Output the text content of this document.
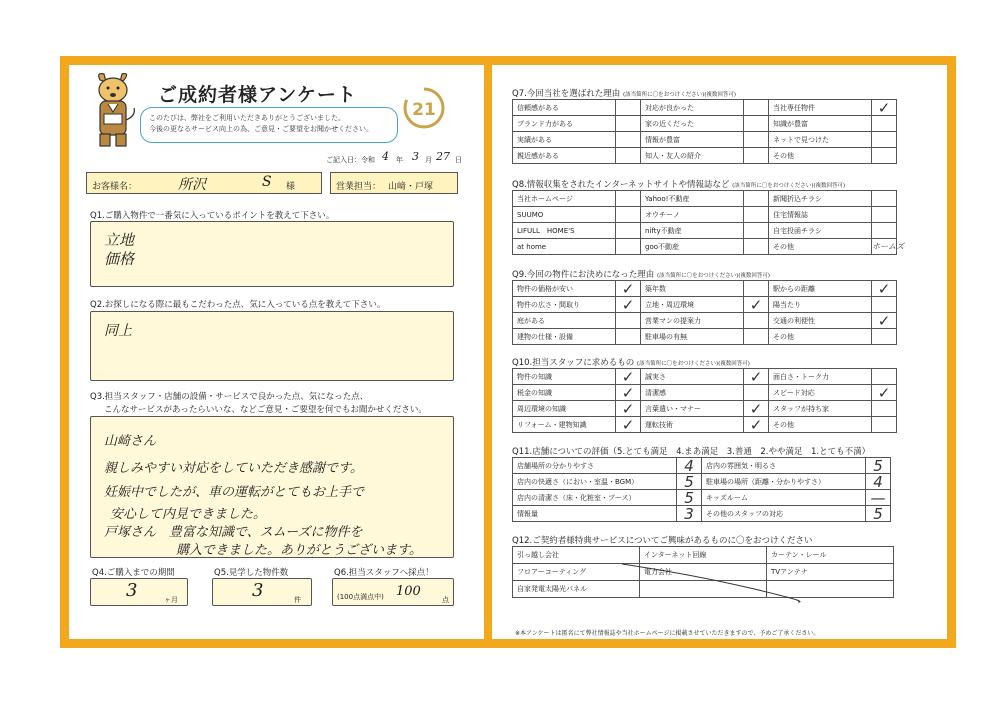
ご成約者様アンケート
このたびは、弊社をご利用いただきありがとうございました。
今後の更なるサービス向上の為、ご意見・ご要望をお聞かせください。
21
ご記入日：令和 4 年 3 月 27 日
お客様名：	所沢	S 様	営業担当： 山﨑・戸塚
Q1.ご購入物件で一番気に入っているポイントを教えて下さい。
立地
価格
Q2.お探しになる際に最もこだわった点、気に入っている点を教えて下さい。
同上
Q3.担当スタッフ・店舗の設備・サービスで良かった点、気になった点、
こんなサービスがあったらいいな、などご意見・ご要望を何でもお聞かせください。
山崎さん
親しみやすい対応をしていただき感謝です。
妊娠中でしたが、車の運転がとてもお上手で
安心して内見できました。
戸塚さん　豊富な知識で、スムーズに物件を
購入できました。ありがとうございます。
Q4.ご購入までの期間
3	ヶ月
Q5.見学した物件数
3	件
Q6.担当スタッフへ採点！
(100点満点中) 100
点
Q7.今回当社を選ばれた理由 (該当箇所に〇をおつけください)(複数回答可)
信頼感がある		対応が良かった		当社専任物件	✓

ブランド力がある		家の近くだった		知識が豊富	

実績がある		情報が豊富		ネットで見つけた	

親近感がある		知人・友人の紹介		その他	
Q8.情報収集をされたインターネットサイトや情報誌など (該当箇所に〇をおつけください)(複数回答可)
当社ホームページ		Yahoo!不動産		新聞折込チラシ	

SUUMO		オウチーノ		住宅情報誌	

LIFULL　HOME'S		nifty不動産		自宅投函チラシ	

at home		goo不動産		その他	ホームズ
Q9.今回の物件にお決めになった理由 (該当箇所に〇をおつけください)(複数回答可)
物件の価格が安い	✓	築年数		駅からの距離	✓

物件の広さ・間取り	✓	立地・周辺環境	✓	陽当たり	

庭がある		営業マンの提案力		交通の利便性	✓

建物の仕様・設備		駐車場の有無		その他	
Q10.担当スタッフに求めるもの (該当箇所に〇をおつけください)(複数回答可)
物件の知識	✓	誠実さ	✓	面白さ・トーク力	

税金の知識	✓	清潔感		スピード対応	✓

周辺環境の知識	✓	言葉遣い・マナー	✓	スタッフが持ち家	

リフォーム・建物知識	✓	運転技術	✓	その他	
Q11.店舗についての評価（5.とても満足　4.まあ満足　3.普通　2.やや満足　1.とても不満）
店舗場所の分かりやすさ	4	店内の雰囲気・明るさ	5

店内の快適さ（におい・室温・BGM）	5	駐車場の場所（距離・分かりやすさ）	4

店内の清潔さ（床・化粧室・ブース）	5	キッズルーム	—

情報量	3	その他のスタッフの対応	5
Q12.ご契約者様特典サービスについてご興味があるものに〇をおつけください
引っ越し会社	インターネット回線	カーテン・レール
フロアーコーティング	電力会社	TVアンテナ
自家発電太陽光パネル		
※本アンケートは匿名にて弊社情報誌や当社ホームページに掲載させていただきますので、予めご了承ください。
